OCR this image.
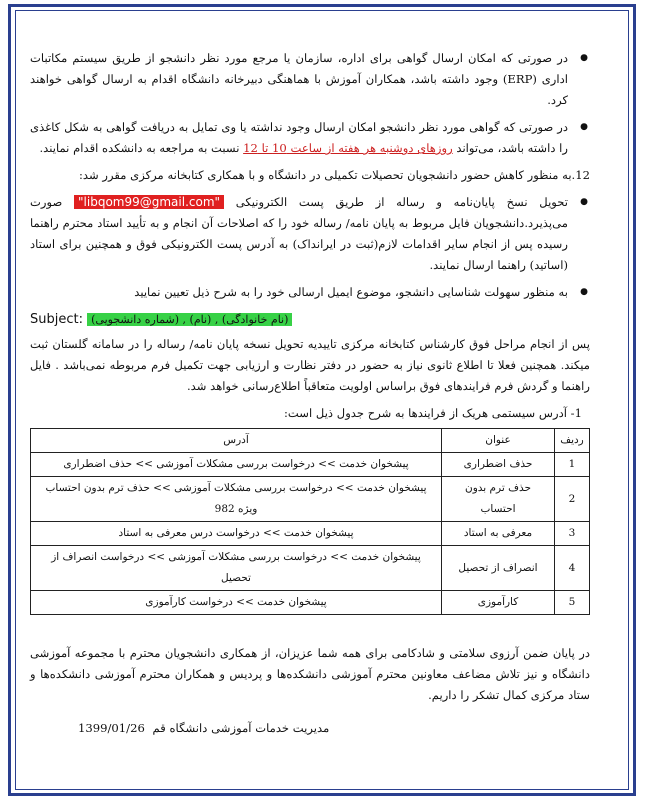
● در صورتی که امکان ارسال گواهی برای اداره، سازمان یا مرجع مورد نظر دانشجو از طریق سیستم مکاتبات اداری (ERP) وجود داشته باشد، همکاران آموزش با هماهنگی دبیرخانه دانشگاه اقدام به ارسال گواهی خواهند کرد.

● در صورتی که گواهی مورد نظر دانشجو امکان ارسال وجود نداشته یا وی تمایل به دریافت گواهی به شکل کاغذی را داشته باشد، می‌تواند روزهای دوشنبه هر هفته از ساعت 10 تا 12 نسبت به مراجعه به دانشکده اقدام نمایند.

12.به منظور کاهش حضور دانشجویان تحصیلات تکمیلی در دانشگاه و با همکاری کتابخانه مرکزی مقرر شد:

● تحویل نسخ پایان‌نامه و رساله از طریق پست الکترونیکی "libqom99@gmail.com" صورت می‌پذیرد.دانشجویان فایل مربوط به پایان نامه/ رساله خود را که اصلاحات آن انجام و به تأیید استاد محترم راهنما رسیده پس از انجام سایر اقدامات لازم(ثبت در ایرانداک) به آدرس پست الکترونیکی فوق و همچنین برای استاد (اساتید) راهنما ارسال نمایند.

● به منظور سهولت شناسایی دانشجو، موضوع ایمیل ارسالی خود را به شرح ذیل تعیین نمایید

Subject: (نام خانوادگی) , (نام) , (شماره دانشجویی)

پس از انجام مراحل فوق کارشناس کتابخانه مرکزی تاییدیه تحویل نسخه پایان نامه/ رساله را در سامانه گلستان ثبت میکند. همچنین فعلا تا اطلاع ثانوی نیاز به حضور در دفتر نظارت و ارزیابی جهت تکمیل فرم مربوطه نمی‌باشد . فایل راهنما و گردش فرم فرایندهای فوق براساس اولویت متعاقباً اطلاع‌رسانی خواهد شد.

1- آدرس سیستمی هریک از فرایندها به شرح جدول ذیل است:

ردیف	عنوان	آدرس
1	حذف اضطراری	پیشخوان خدمت >> درخواست بررسی مشکلات آموزشی >> حذف اضطراری
2	حذف ترم بدون احتساب	پیشخوان خدمت >> درخواست بررسی مشکلات آموزشی >> حذف ترم بدون احتساب ویژه 982
3	معرفی به استاد	پیشخوان خدمت >> درخواست درس معرفی به استاد
4	انصراف از تحصیل	پیشخوان خدمت >> درخواست بررسی مشکلات آموزشی >> درخواست انصراف از تحصیل
5	کارآموزی	پیشخوان خدمت >> درخواست کارآموزی

در پایان ضمن آرزوی سلامتی و شادکامی برای همه شما عزیزان، از همکاری دانشجویان محترم با مجموعه آموزشی دانشگاه و نیز تلاش مضاعف معاونین محترم آموزشی دانشکده‌ها و پردیس و همکاران محترم آموزشی دانشکده‌ها و ستاد مرکزی کمال تشکر را داریم.

1399/01/26 مدیریت خدمات آموزشی دانشگاه قم
